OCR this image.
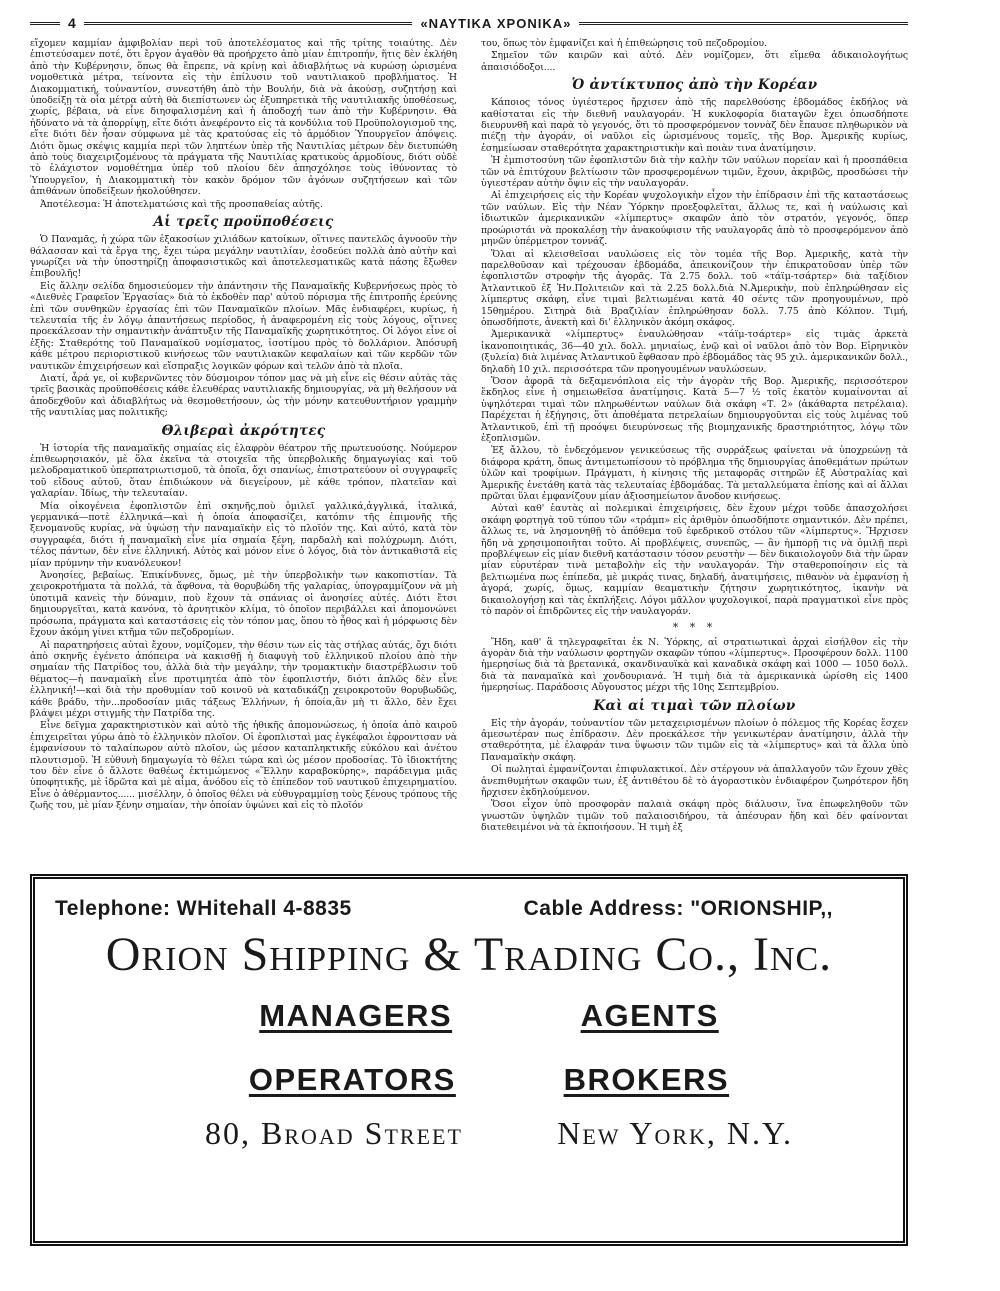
4	«ΝΑΥΤΙΚΑ ΧΡΟΝΙΚΑ»

εἴχομεν καμμίαν ἀμφιβολίαν περὶ τοῦ ἀποτελέσματος καὶ τῆς τρίτης τοιαύτης. Δὲν ἐπιστεύσαμεν ποτέ, ὅτι ἔργον ἀγαθὸν θὰ προήρχετο ἀπὸ μίαν ἐπιτροπήν, ἥτις δὲν ἐκλήθη ἀπὸ τὴν Κυβέρνησιν, ὅπως θὰ ἔπρεπε, νὰ κρίνῃ καὶ ἀδιαβλήτως νὰ κυρώσῃ ὡρισμένα νομοθετικὰ μέτρα, τείνοντα εἰς τὴν ἐπίλυσιν τοῦ ναυτιλιακοῦ προβλήματος. Ἡ Διακομματική, τοὐναντίον, συνεστήθη ἀπὸ τὴν Βουλήν, διὰ νὰ ἀκούσῃ, συζητήσῃ καὶ ὑποδείξῃ τὰ οἷα μέτρα αὐτὴ θὰ διεπίστωνεν ὡς ἐξυπηρετικὰ τῆς ναυτιλιακῆς ὑποθέσεως, χωρίς, βέβαια, νὰ εἶνε διησφαλισμένη καὶ ἡ ἀποδοχή των ἀπὸ τὴν Κυβέρνησιν. Θὰ ἠδύνατο νὰ τὰ ἀπορρίψῃ, εἴτε διότι ἀνεφέροντο εἰς τὰ κονδύλια τοῦ Προϋπολογισμοῦ της, εἴτε διότι δὲν ἦσαν σύμφωνα μὲ τὰς κρατούσας εἰς τὸ ἁρμόδιον Ὑπουργεῖον ἀπόψεις. Διότι ὅμως σκέψις καμμία περὶ τῶν ληπτέων ὑπὲρ τῆς Ναυτιλίας μέτρων δὲν διετυπώθη ἀπὸ τοὺς διαχειριζομένους τὰ πράγματα τῆς Ναυτιλίας κρατικοὺς ἁρμοδίους, διότι οὐδὲ τὸ ἐλάχιστον νομοθέτημα ὑπὲρ τοῦ πλοίου δὲν ἀπησχόλησε τοὺς ἰθύνοντας τὸ Ὑπουργεῖον, ἡ Διακομματικὴ τὸν κακὸν δρόμον τῶν ἀγόνων συζητήσεων καὶ τῶν ἀπιθάνων ὑποδείξεων ἠκολούθησεν.

Ἀποτέλεσμα: Ἡ ἀποτελματώσις καὶ τῆς προσπαθείας αὐτῆς.

Αἱ τρεῖς προϋποθέσεις

Ὁ Παναμᾶς, ἡ χώρα τῶν ἐξακοσίων χιλιάδων κατοίκων, οἵτινες παντελῶς ἀγνοοῦν τὴν θάλασσαν καὶ τὰ ἔργα της, ἔχει τώρα μεγάλην ναυτιλίαν, ἐσοδεύει πολλὰ ἀπὸ αὐτὴν καὶ γνωρίζει νὰ τὴν ὑποστηρίζῃ ἀποφασιστικῶς καὶ ἀποτελεσματικῶς κατὰ πάσης ἔξωθεν ἐπιβουλῆς!

Εἰς ἄλλην σελίδα δημοσιεύομεν τὴν ἀπάντησιν τῆς Παναμαϊκῆς Κυβερνήσεως πρὸς τὸ «Διεθνὲς Γραφεῖον Ἐργασίας» διὰ τὸ ἐκδοθὲν παρ' αὐτοῦ πόρισμα τῆς ἐπιτροπῆς ἐρεύνης ἐπὶ τῶν συνθηκῶν ἐργασίας ἐπὶ τῶν Παναμαϊκῶν πλοίων. Μᾶς ἐνδιαφέρει, κυρίως, ἡ τελευταία τῆς ἐν λόγῳ ἀπαντήσεως περίοδος, ἡ ἀναφερομένη εἰς τοὺς λόγους, οἵτινες προεκάλεσαν τὴν σημαντικὴν ἀνάπτυξιν τῆς Παναμαϊκῆς χωρητικότητος. Οἱ λόγοι εἶνε οἱ ἑξῆς: Σταθερότης τοῦ Παναμαϊκοῦ νομίσματος, ἰσοτίμου πρὸς τὸ δολλάριον. Ἀπόσυρῆ κάθε μέτρου περιοριστικοῦ κινήσεως τῶν ναυτιλιακῶν κεφαλαίων καὶ τῶν κερδῶν τῶν ναυτικῶν ἐπιχειρήσεων καὶ εἴσπραξις λογικῶν φόρων καὶ τελῶν ἀπὸ τὰ πλοῖα.

Διατί, ἆρά γε, οἱ κυβερνῶντες τὸν δύσμοιρον τόπον μας νὰ μὴ εἶνε εἰς θέσιν αὐτὰς τὰς τρεῖς βασικὰς προϋποθέσεις κάθε ἐλευθέρας ναυτιλιακῆς δημιουργίας, νὰ μὴ θελήσουν νὰ ἀποδεχθοῦν καὶ ἀδιαβλήτως νὰ θεσμοθετήσουν, ὡς τὴν μόνην κατευθυντήριον γραμμὴν τῆς ναυτιλίας μας πολιτικῆς;

Θλιβεραὶ ἀκρότητες

Ἡ ἱστορία τῆς παναμαϊκῆς σημαίας εἰς ἐλαφρὸν θέατρον τῆς πρωτευούσης. Νούμερον ἐπιθεωρησιακόν, μὲ ὅλα ἐκεῖνα τὰ στοιχεῖα τῆς ὑπερβολικῆς δημαγωγίας καὶ τοῦ μελοδραματικοῦ ὑπερπατριωτισμοῦ, τὰ ὁποῖα, ὄχι σπανίως, ἐπιστρατεύουν οἱ συγγραφεῖς τοῦ εἴδους αὐτοῦ, ὅταν ἐπιδιώκουν νὰ διεγείρουν, μὲ κάθε τρόπον, πλατεῖαν καὶ γαλαρίαν. Ἰδίως, τὴν τελευταίαν.

Μία οἰκογένεια ἐφοπλιστῶν ἐπὶ σκηνῆς,ποὺ ὁμιλεῖ γαλλικά,ἀγγλικά, ἰταλικά, γερμανικά—ποτὲ ἑλληνικά—καὶ ἡ ὁποία ἀποφασίζει, κατόπιν τῆς ἐπιμονῆς τῆς ξενομανοῦς κυρίας, νὰ ὑψώσῃ τὴν παναμαϊκὴν εἰς τὸ πλοῖόν της. Καὶ αὐτό, κατὰ τὸν συγγραφέα, διότι ἡ παναμαϊκὴ εἶνε μία σημαία ξένη, παρδαλὴ καὶ πολύχρωμη. Διότι, τέλος πάντων, δὲν εἶνε ἑλληνική. Αὐτὸς καὶ μόνον εἶνε ὁ λόγος, διὰ τὸν ἀντικαθιστᾶ εἰς μίαν πρύμνην τὴν κυανόλευκον!

Ἀνοησίες, βεβαίως. Ἐπικίνδυνες, ὅμως, μὲ τὴν ὑπερβολικὴν των κακοπιστίαν. Τὰ χειροκροτήματα τὰ πολλά, τὰ ἄφθονα, τὰ θορυβώδη τῆς γαλαρίας, ὑπογραμμίζουν νὰ μὴ ὑποτιμᾶ κανεὶς τὴν δύναμιν, ποὺ ἔχουν τὰ σπάνιας οἱ ἀνοησίες αὐτές. Διότι ἔτσι δημιουργεῖται, κατὰ κανόνα, τὸ ἀρνητικὸν κλίμα, τὸ ὁποῖον περιβάλλει καὶ ἀπομονώνει πρόσωπα, πράγματα καὶ καταστάσεις εἰς τὸν τόπον μας, ὅπου τὸ ἦθος καὶ ἡ μόρφωσις δὲν ἔχουν ἀκόμη γίνει κτῆμα τῶν πεζοδρομίων.

Αἱ παρατηρήσεις αὐταὶ ἔχουν, νομίζομεν, τὴν θέσιν των εἰς τὰς στήλας αὐτάς, ὄχι διότι ἀπὸ σκηνῆς ἐγένετο ἀπόπειρα νὰ κακισθῇ ἡ διαφυγὴ τοῦ ἑλληνικοῦ πλοίου ἀπὸ τὴν σημαίαν τῆς Πατρίδος του, ἀλλὰ διὰ τὴν μεγάλην, τὴν τρομακτικὴν διαστρέβλωσιν τοῦ θέματος—ἡ παναμαϊκὴ εἶνε προτιμητέα ἀπὸ τὸν ἐφοπλιστήν, διότι ἁπλῶς δὲν εἶνε ἑλληνική!—καὶ διὰ τὴν προθυμίαν τοῦ κοινοῦ νὰ καταδικάζῃ χειροκροτοῦν θορυβωδῶς, κάθε βράδυ, τὴν...προδοσίαν μιᾶς τάξεως Ἑλλήνων, ἡ ὁποία,ἂν μὴ τι ἄλλο, δὲν ἔχει βλάψει μέχρι στιγμῆς τὴν Πατρίδα της.

Εἶνε δεῖγμα χαρακτηριστικὸν καὶ αὐτὸ τῆς ἠθικῆς ἀπομονώσεως, ἡ ὁποία ἀπὸ καιροῦ ἐπιχειρεῖται γύρω ἀπὸ τὸ ἑλληνικὸν πλοῖον. Οἱ ἐφοπλισταὶ μας ἐγκέφαλοι ἐφροντισαν νὰ ἐμφανίσουν τὸ ταλαίπωρον αὐτὸ πλοῖον, ὡς μέσον καταπληκτικῆς εὐκόλου καὶ ἀνέτου πλουτισμοῦ. Ἡ εὐθυνὴ δημαγωγία τὸ θέλει τώρα καὶ ὡς μέσον προδοσίας. Τὸ ἰδιοκτήτης του δὲν εἶνε ὁ ἄλλοτε θαθέως ἐκτιμώμενος «Ἕλλην καραβοκύρης», παράδειγμα μιᾶς ὑποφητικῆς, μὲ ἱδρῶτα καὶ μὲ αἷμα, ἀνόδου εἰς τὸ ἐπίπεδον τοῦ ναυτικοῦ ἐπιχειρηματίου. Εἶνε ὁ ἀθέρμαντος...... μισέλλην, ὁ ὁποῖος θέλει νὰ εὐθυγραμμίσῃ τοὺς ξένους τρόπους τῆς ζωῆς του, μὲ μίαν ξένην σημαίαν, τὴν ὁποίαν ὑψώνει καὶ εἰς τὸ πλοῖόν

του, ὅπως τὸν ἐμφανίζει καὶ ἡ ἐπιθεώρησις τοῦ πεζοδρομίου.

Σημεῖον τῶν καιρῶν καὶ αὐτό. Δὲν νομίζομεν, ὅτι εἴμεθα ἀδικαιολογήτως ἀπαισιόδοξοι....

Ὁ ἀντίκτυπος ἀπὸ τὴν Κορέαν

Κάποιος τόνος ὑγιέστερος ἤρχισεν ἀπὸ τῆς παρελθούσης ἑβδομάδος ἐκδήλος νὰ καθίσταται εἰς τὴν διεθνῆ ναυλαγοράν. Ἡ κυκλοφορία διαταγῶν ἔχει ὁπωσδήποτε διευρυνθῆ καὶ παρὰ τὸ γεγονός, ὅτι τὸ προσφερόμενον τοννὰζ δὲν ἔπαυσε πληθωρικὸν νὰ πιέζῃ τὴν ἀγοράν, οἱ ναῦλοι εἰς ὡρισμένους τομεῖς, τῆς Βορ. Ἀμερικῆς κυρίως, ἐσημείωσαν σταθερότητα χαρακτηριστικὴν καὶ ποιὰν τινα ἀνατίμησιν.

Ἡ ἐμπιστοσύνη τῶν ἐφοπλιστῶν διὰ τὴν καλὴν τῶν ναύλων πορείαν καὶ ἡ προσπάθεια τῶν νὰ ἐπιτύχουν βελτίωσιν τῶν προσφερομένων τιμῶν, ἔχουν, ἀκριβῶς, προσδώσει τὴν ὑγιεστέραν αὐτὴν ὄψιν εἰς τὴν ναυλαγοράν.

Αἱ ἐπιχειρήσεις εἰς τὴν Κορέαν ψυχολογικὴν εἶχον τὴν ἐπίδρασιν ἐπὶ τῆς καταστάσεως τῶν ναύλων. Εἰς τὴν Νέαν Ὑόρκην προεξοφλεῖται, ἄλλως τε, καὶ ἡ ναύλωσις καὶ ἰδιωτικῶν ἀμερικανικῶν «λίμπερτυς» σκαφῶν ἀπὸ τὸν στρατόν, γεγονός, ὅπερ προώριστάι νὰ προκαλέσῃ τὴν ἀνακούφισιν τῆς ναυλαγορᾶς ἀπὸ τὸ προσφερόμενον ἀπὸ μηνῶν ὑπέρμετρον τοννάζ.

Ὅλαι αἱ κλεισθεῖσαι ναυλώσεις εἰς τὸν τομέα τῆς Βορ. Ἀμερικῆς, κατὰ τὴν παρελθοῦσαν καὶ τρέχουσαν ἑβδομάδα, ἀπεικονίζουν τὴν ἐπικρατοῦσαν ὑπὲρ τῶν ἐφοπλιστῶν στροφὴν τῆς ἀγορᾶς. Τὰ 2.75 δολλ. τοῦ «τάϊμ-τσάρτερ» διὰ ταξίδιον Ἀτλαντικοῦ ἐξ Ἡν.Πολιτειῶν καὶ τὰ 2.25 δολλ.διὰ Ν.Ἀμερικὴν, ποὺ ἐπληρώθησαν εἰς λίμπερτυς σκάφη, εἶνε τιμαὶ βελτιωμέναι κατὰ 40 σέντς τῶν προηγουμένων, πρὸ 15θημέρου. Σιτηρὰ διὰ Βραζιλίαν ἐπληρώθησαν δολλ. 7.75 ἀπὸ Κόλπον. Τιμή, ὁπωσδήποτε, ἀνεκτὴ καὶ δι' ἑλληνικὸν ἀκόμη σκάφος.

Ἀμερικανικὰ «λίμπερτυς» ἐναυλώθησαν «τάϊμ-τσάρτερ» εἰς τιμὰς ἀρκετὰ ἱκανοποιητικάς, 36—40 χιλ. δολλ. μηνιαίως, ἐνῷ καὶ οἱ ναῦλοι ἀπὸ τὸν Βορ. Εἰρηνικὸν (ξυλεία) διὰ λιμένας Ἀτλαντικοῦ ἔφθασαν πρὸ ἑβδομάδος τὰς 95 χιλ. ἀμερικανικῶν δολλ., δηλαδὴ 10 χιλ. περισσότερα τῶν προηγουμένων ναυλώσεων.

Ὅσον ἀφορᾶ τὰ δεξαμενόπλοια εἰς τὴν ἀγορὰν τῆς Βορ. Ἀμερικῆς, περισσότερον ἔκδηλος εἶνε ἡ σημειωθεῖσα ἀνατίμησις. Κατὰ 5—7 ½ τοῖς ἑκατὸν κυμαίνονται αἱ ὑψηλότεραι τιμαὶ τῶν πληρωθέντων ναύλων διὰ σκάφη «Τ. 2» (ἀκάθαρτα πετρέλαια). Παρέχεται ἡ ἐξήγησις, ὅτι ἀποθέματα πετρελαίων δημιουργοῦνται εἰς τοὺς λιμένας τοῦ Ἀτλαντικοῦ, ἐπὶ τῇ προόψει διευρύνσεως τῆς βιομηχανικῆς δραστηριότητος, λόγῳ τῶν ἐξοπλισμῶν.

Ἐξ ἄλλου, τὸ ἐνδεχόμενον γενικεύσεως τῆς συρράξεως φαίνεται νὰ ὑποχρεώνῃ τὰ διάφορα κράτη, ὅπως ἀντιμετωπίσουν τὸ πρόβλημα τῆς δημιουργίας ἀποθεμάτων πρώτων ὑλῶν καὶ τροφίμων. Πράγματι, ἡ κίνησις τῆς μεταφορᾶς σιτηρῶν ἐξ Αὐστραλίας καὶ Ἀμερικῆς ἐνετάθη κατὰ τὰς τελευταίας ἑβδομάδας. Τὰ μεταλλεύματα ἐπίσης καὶ αἱ ἄλλαι πρῶται ὕλαι ἐμφανίζουν μίαν ἀξιοσημείωτον ἄνοδον κινήσεως.

Αὐταὶ καθ' ἑαυτὰς αἱ πολεμικαὶ ἐπιχειρήσεις, δὲν ἔχουν μέχρι τοῦδε ἀπασχολήσει σκάφη φορτηγὰ τοῦ τύπου τῶν «τράμπ» εἰς ἀριθμὸν ὁπωσδήποτε σημαντικόν. Δὲν πρέπει, ἄλλως τε, νὰ λησμονηθῇ τὸ ἀπόθεμα τοῦ ἐφεδρικοῦ στόλου τῶν «λίμπερτυς». Ἤρχισεν ἤδη νὰ χρησιμοποιῆται τοῦτο. Αἱ προβλέψεις, συνεπῶς, — ἂν ἠμπορῇ τις νὰ ὁμιλῇ περὶ προβλέψεων εἰς μίαν διεθνῆ κατάστασιν τόσον ρευστὴν — δὲν δικαιολογοῦν διὰ τὴν ὥραν μίαν εὐρυτέραν τινὰ μεταβολὴν εἰς τὴν ναυλαγοράν. Τὴν σταθεροποίησιν εἰς τὰ βελτιωμένα πως ἐπίπεδα, μὲ μικράς τινας, δηλαδή, ἀνατιμήσεις, πιθανὸν νὰ ἐμφανίσῃ ἡ ἀγορά, χωρίς, ὅμως, καμμίαν θεαματικὴν ζήτησιν χωρητικότητος, ἱκανὴν νὰ δικαιολογήσῃ καὶ τὰς ἐκπλήξεις. Λόγοι μᾶλλον ψυχολογικοί, παρὰ πραγματικοὶ εἶνε πρὸς τὸ παρὸν οἱ ἐπιδρῶντες εἰς τὴν ναυλαγοράν.

* * *

Ἤδη, καθ' ἃ τηλεγραφεῖται ἐκ Ν. Ὑόρκης, αἱ στρατιωτικαὶ ἀρχαὶ εἰσήλθον εἰς τὴν ἀγορὰν διὰ τὴν ναύλωσιν φορτηγῶν σκαφῶν τύπου «λίμπερτυς». Προσφέρουν δολλ. 1100 ἡμερησίως διὰ τὰ βρετανικά, σκανδιναυϊκὰ καὶ καναδικὰ σκάφη καὶ 1000 — 1050 δολλ. διὰ τὰ παναμαϊκὰ καὶ χονδουριανά. Ἡ τιμὴ διὰ τὰ ἀμερικανικὰ ὡρίσθη εἰς 1400 ἡμερησίως. Παράδοσις Αὔγουστος μέχρι τῆς 10ης Σεπτεμβρίου.

Καὶ αἱ τιμαὶ τῶν πλοίων

Εἰς τὴν ἀγοράν, τοὐναντίον τῶν μεταχειρισμένων πλοίων ὁ πόλεμος τῆς Κορέας ἔσχεν ἀμεσωτέραν πως ἐπίδρασιν. Δὲν προεκάλεσε τὴν γενικωτέραν ἀνατίμησιν, ἀλλὰ τὴν σταθερότητα, μὲ ἐλαφράν τινα ὕψωσιν τῶν τιμῶν εἰς τὰ «λίμπερτυς» καὶ τὰ ἄλλα ὑπὸ Παναμαϊκὴν σκάφη.

Οἱ πωληταὶ ἐμφανίζονται ἐπιφυλακτικοί. Δὲν στέργουν νὰ ἀπαλλαγοῦν τῶν ἔχουν χθὲς ἀνεπιθυμήτων σκαφῶν των, ἐξ ἀντιθέτου δὲ τὸ ἀγοραστικὸν ἐνδιαφέρον ζωηρότερον ἤδη ἤρχισεν ἐκδηλούμενον.

Ὅσοι εἶχον ὑπὸ προσφορὰν παλαιὰ σκάφη πρὸς διάλυσιν, ἵνα ἐπωφεληθοῦν τῶν γνωστῶν ὑψηλῶν τιμῶν τοῦ παλαιοσιδήρου, τὰ ἀπέσυραν ἤδη καὶ δὲν φαίνονται διατεθειμένοι νὰ τὰ ἐκποιήσουν. Ἡ τιμὴ ἐξ

Telephone: WHitehall 4-8835	Cable Address: "ORIONSHIP,,
Orion Shipping & Trading Co., Inc.
MANAGERS	AGENTS
OPERATORS	BROKERS
80, Broad Street	New York, N.Y.
